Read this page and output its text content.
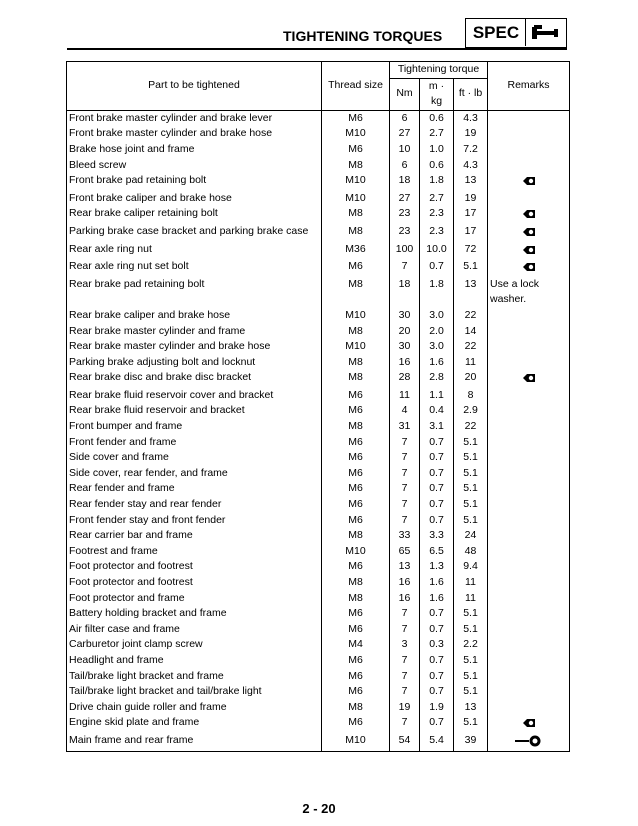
TIGHTENING TORQUES	SPEC
Part to be tightened	Thread size	Tightening torque			Remarks
		Nm	m · kg	ft · lb	
Front brake master cylinder and brake lever	M6	6	0.6	4.3	
Front brake master cylinder and brake hose	M10	27	2.7	19	
Brake hose joint and frame	M6	10	1.0	7.2	
Bleed screw	M8	6	0.6	4.3	
Front brake pad retaining bolt	M10	18	1.8	13	
Front brake caliper and brake hose	M10	27	2.7	19	
Rear brake caliper retaining bolt	M8	23	2.3	17	
Parking brake case bracket and parking brake case	M8	23	2.3	17	
Rear axle ring nut	M36	100	10.0	72	
Rear axle ring nut set bolt	M6	7	0.7	5.1	
Rear brake pad retaining bolt	M8	18	1.8	13	Use a lock washer.
Rear brake caliper and brake hose	M10	30	3.0	22	
Rear brake master cylinder and frame	M8	20	2.0	14	
Rear brake master cylinder and brake hose	M10	30	3.0	22	
Parking brake adjusting bolt and locknut	M8	16	1.6	11	
Rear brake disc and brake disc bracket	M8	28	2.8	20	
Rear brake fluid reservoir cover and bracket	M6	11	1.1	8	
Rear brake fluid reservoir and bracket	M6	4	0.4	2.9	
Front bumper and frame	M8	31	3.1	22	
Front fender and frame	M6	7	0.7	5.1	
Side cover and frame	M6	7	0.7	5.1	
Side cover, rear fender, and frame	M6	7	0.7	5.1	
Rear fender and frame	M6	7	0.7	5.1	
Rear fender stay and rear fender	M6	7	0.7	5.1	
Front fender stay and front fender	M6	7	0.7	5.1	
Rear carrier bar and frame	M8	33	3.3	24	
Footrest and frame	M10	65	6.5	48	
Foot protector and footrest	M6	13	1.3	9.4	
Foot protector and footrest	M8	16	1.6	11	
Foot protector and frame	M8	16	1.6	11	
Battery holding bracket and frame	M6	7	0.7	5.1	
Air filter case and frame	M6	7	0.7	5.1	
Carburetor joint clamp screw	M4	3	0.3	2.2	
Headlight and frame	M6	7	0.7	5.1	
Tail/brake light bracket and frame	M6	7	0.7	5.1	
Tail/brake light bracket and tail/brake light	M6	7	0.7	5.1	
Drive chain guide roller and frame	M8	19	1.9	13	
Engine skid plate and frame	M6	7	0.7	5.1	
Main frame and rear frame	M10	54	5.4	39	
2 - 20
